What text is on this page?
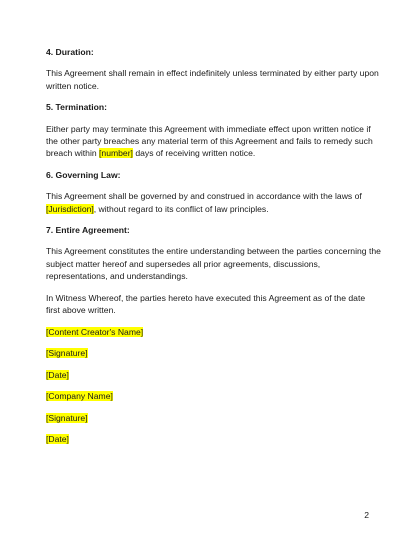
4. Duration:

This Agreement shall remain in effect indefinitely unless terminated by either party upon written notice.

5. Termination:

Either party may terminate this Agreement with immediate effect upon written notice if the other party breaches any material term of this Agreement and fails to remedy such breach within [number] days of receiving written notice.

6. Governing Law:

This Agreement shall be governed by and construed in accordance with the laws of [Jurisdiction], without regard to its conflict of law principles.

7. Entire Agreement:

This Agreement constitutes the entire understanding between the parties concerning the subject matter hereof and supersedes all prior agreements, discussions, representations, and understandings.

In Witness Whereof, the parties hereto have executed this Agreement as of the date first above written.

[Content Creator's Name]

[Signature]

[Date]

[Company Name]

[Signature]

[Date]

2
